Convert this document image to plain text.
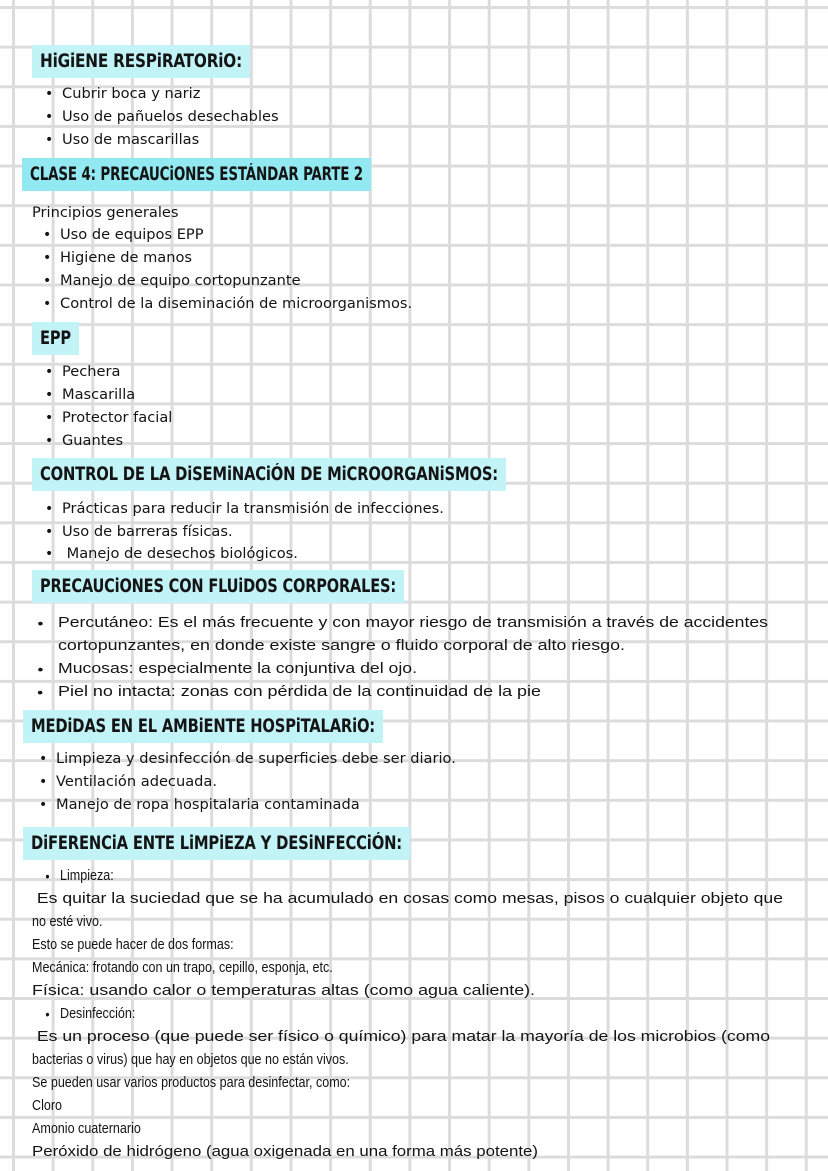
HiGiENE RESPiRATORiO:
• Cubrir boca y nariz
• Uso de pañuelos desechables
• Uso de mascarillas
CLASE 4: PRECAUCiONES ESTÁNDAR PARTE 2
Principios generales
• Uso de equipos EPP
• Higiene de manos
• Manejo de equipo cortopunzante
• Control de la diseminación de microorganismos.
EPP
• Pechera
• Mascarilla
• Protector facial
• Guantes
CONTROL DE LA DiSEMiNACiÓN DE MiCROORGANiSMOS:
• Prácticas para reducir la transmisión de infecciones.
• Uso de barreras físicas.
•  Manejo de desechos biológicos.
PRECAUCiONES CON FLUiDOS CORPORALES:
• Percutáneo: Es el más frecuente y con mayor riesgo de transmisión a través de accidentes
cortopunzantes, en donde existe sangre o fluido corporal de alto riesgo.
• Mucosas: especialmente la conjuntiva del ojo.
• Piel no intacta: zonas con pérdida de la continuidad de la pie
MEDiDAS EN EL AMBiENTE HOSPiTALARiO:
• Limpieza y desinfección de superficies debe ser diario.
• Ventilación adecuada.
• Manejo de ropa hospitalaria contaminada
DiFERENCiA ENTE LiMPiEZA Y DESiNFECCiÓN:
• Limpieza:
Es quitar la suciedad que se ha acumulado en cosas como mesas, pisos o cualquier objeto que
no esté vivo.
Esto se puede hacer de dos formas:
Mecánica: frotando con un trapo, cepillo, esponja, etc.
Física: usando calor o temperaturas altas (como agua caliente).
• Desinfección:
Es un proceso (que puede ser físico o químico) para matar la mayoría de los microbios (como
bacterias o virus) que hay en objetos que no están vivos.
Se pueden usar varios productos para desinfectar, como:
Cloro
Amonio cuaternario
Peróxido de hidrógeno (agua oxigenada en una forma más potente)
